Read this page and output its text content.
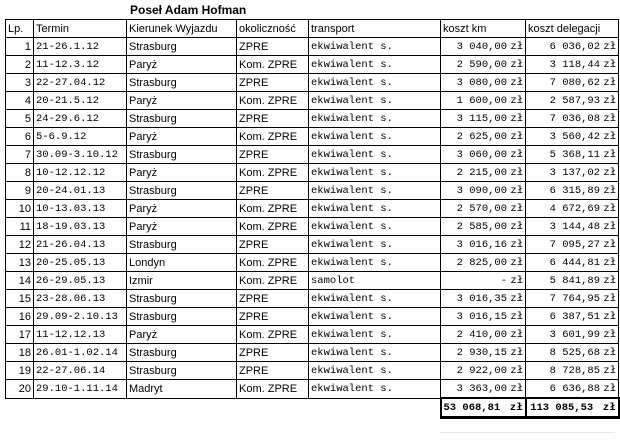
Poseł Adam Hofman
Lp.	Termin	Kierunek Wyjazdu	okoliczność	transport	koszt km	koszt delegacji
1	21-26.1.12	Strasburg	ZPRE	ekwiwalent s.	3 040,00 zł	6 036,02 zł
2	11-12.3.12	Paryż	Kom. ZPRE	ekwiwalent s.	2 590,00 zł	3 118,44 zł
3	22-27.04.12	Strasburg	ZPRE	ekwiwalent s.	3 080,00 zł	7 080,62 zł
4	20-21.5.12	Paryż	Kom. ZPRE	ekwiwalent s.	1 600,00 zł	2 587,93 zł
5	24-29.6.12	Strasburg	ZPRE	ekwiwalent s.	3 115,00 zł	7 036,08 zł
6	5-6.9.12	Paryż	Kom. ZPRE	ekwiwalent s.	2 625,00 zł	3 560,42 zł
7	30.09-3.10.12	Strasburg	ZPRE	ekwiwalent s.	3 060,00 zł	5 368,11 zł
8	10-12.12.12	Paryż	Kom. ZPRE	ekwiwalent s.	2 215,00 zł	3 137,02 zł
9	20-24.01.13	Strasburg	ZPRE	ekwiwalent s.	3 090,00 zł	6 315,89 zł
10	10-13.03.13	Paryż	Kom. ZPRE	ekwiwalent s.	2 570,00 zł	4 672,69 zł
11	18-19.03.13	Paryż	Kom. ZPRE	ekwiwalent s.	2 585,00 zł	3 144,48 zł
12	21-26.04.13	Strasburg	ZPRE	ekwiwalent s.	3 016,16 zł	7 095,27 zł
13	20-25.05.13	Londyn	Kom. ZPRE	ekwiwalent s.	2 825,00 zł	6 444,81 zł
14	26-29.05.13	Izmir	Kom. ZPRE	samolot	- zł	5 841,89 zł
15	23-28.06.13	Strasburg	ZPRE	ekwiwalent s.	3 016,35 zł	7 764,95 zł
16	29.09-2.10.13	Strasburg	ZPRE	ekwiwalent s.	3 016,15 zł	6 387,51 zł
17	11-12.12.13	Paryż	Kom. ZPRE	ekwiwalent s.	2 410,00 zł	3 601,99 zł
18	26.01-1.02.14	Strasburg	ZPRE	ekwiwalent s.	2 930,15 zł	8 525,68 zł
19	22-27.06.14	Strasburg	ZPRE	ekwiwalent s.	2 922,00 zł	8 728,85 zł
20	29.10-1.11.14	Madryt	Kom. ZPRE	ekwiwalent s.	3 363,00 zł	6 636,88 zł
					53 068,81 zł	113 085,53 zł
